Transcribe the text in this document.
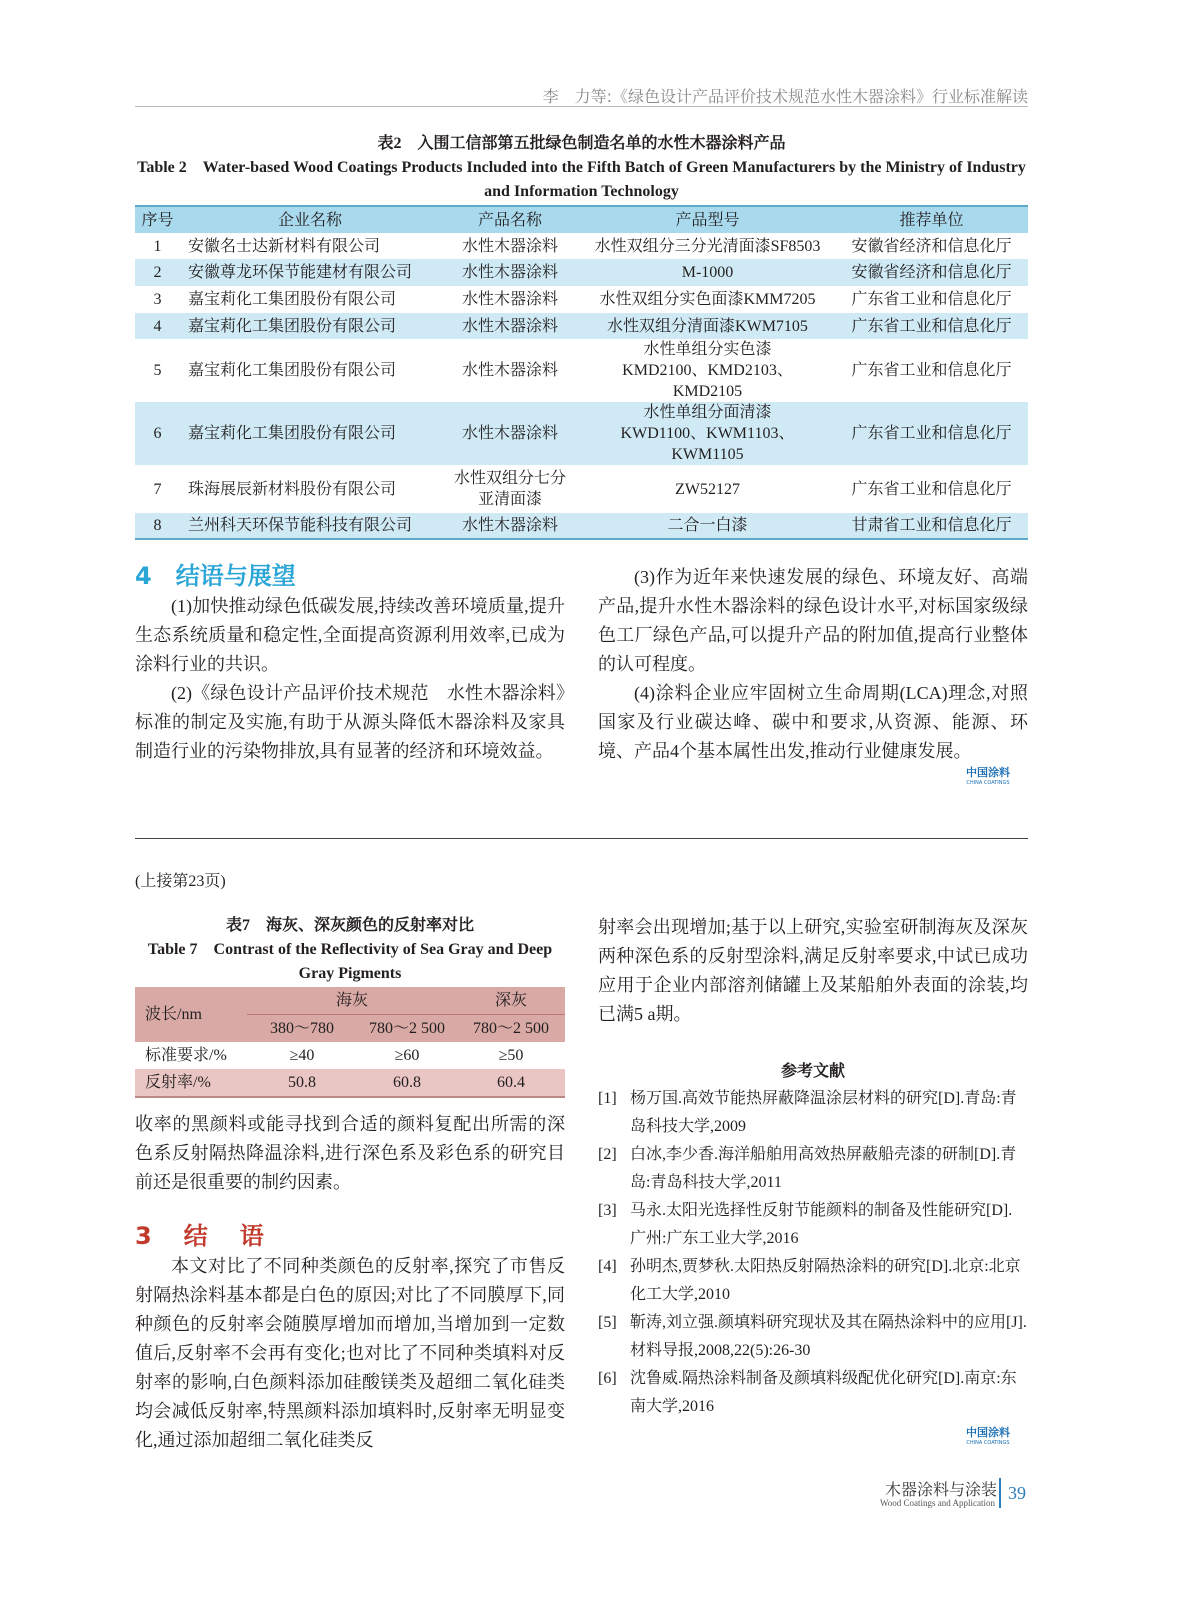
李　力等:《绿色设计产品评价技术规范水性木器涂料》行业标准解读
表2　入围工信部第五批绿色制造名单的水性木器涂料产品
Table 2　Water-based Wood Coatings Products Included into the Fifth Batch of Green Manufacturers by the Ministry of Industry and Information Technology
序号	企业名称	产品名称	产品型号	推荐单位
1	安徽名士达新材料有限公司	水性木器涂料	水性双组分三分光清面漆SF8503	安徽省经济和信息化厅
2	安徽尊龙环保节能建材有限公司	水性木器涂料	M-1000	安徽省经济和信息化厅
3	嘉宝莉化工集团股份有限公司	水性木器涂料	水性双组分实色面漆KMM7205	广东省工业和信息化厅
4	嘉宝莉化工集团股份有限公司	水性木器涂料	水性双组分清面漆KWM7105	广东省工业和信息化厅
5	嘉宝莉化工集团股份有限公司	水性木器涂料	水性单组分实色漆 KMD2100、KMD2103、KMD2105	广东省工业和信息化厅
6	嘉宝莉化工集团股份有限公司	水性木器涂料	水性单组分面清漆 KWD1100、KWM1103、KWM1105	广东省工业和信息化厅
7	珠海展辰新材料股份有限公司	水性双组分七分亚清面漆	ZW52127	广东省工业和信息化厅
8	兰州科天环保节能科技有限公司	水性木器涂料	二合一白漆	甘肃省工业和信息化厅
4　结语与展望

(1)加快推动绿色低碳发展,持续改善环境质量,提升生态系统质量和稳定性,全面提高资源利用效率,已成为涂料行业的共识。

(2)《绿色设计产品评价技术规范　水性木器涂料》标准的制定及实施,有助于从源头降低木器涂料及家具制造行业的污染物排放,具有显著的经济和环境效益。

(3)作为近年来快速发展的绿色、环境友好、高端产品,提升水性木器涂料的绿色设计水平,对标国家级绿色工厂绿色产品,可以提升产品的附加值,提高行业整体的认可程度。

(4)涂料企业应牢固树立生命周期(LCA)理念,对照国家及行业碳达峰、碳中和要求,从资源、能源、环境、产品4个基本属性出发,推动行业健康发展。

中国涂料
CHINA COATINGS
(上接第23页)
表7　海灰、深灰颜色的反射率对比
Table 7　Contrast of the Reflectivity of Sea Gray and Deep Gray Pigments
波长/nm	海灰		深灰
	380～780	780～2 500	780～2 500
标准要求/%	≥40	≥60	≥50
反射率/%	50.8	60.8	60.4
收率的黑颜料或能寻找到合适的颜料复配出所需的深色系反射隔热降温涂料,进行深色系及彩色系的研究目前还是很重要的制约因素。
3　结　语

本文对比了不同种类颜色的反射率,探究了市售反射隔热涂料基本都是白色的原因;对比了不同膜厚下,同种颜色的反射率会随膜厚增加而增加,当增加到一定数值后,反射率不会再有变化;也对比了不同种类填料对反射率的影响,白色颜料添加硅酸镁类及超细二氧化硅类均会减低反射率,特黑颜料添加填料时,反射率无明显变化,通过添加超细二氧化硅类反

射率会出现增加;基于以上研究,实验室研制海灰及深灰两种深色系的反射型涂料,满足反射率要求,中试已成功应用于企业内部溶剂储罐上及某船舶外表面的涂装,均已满5 a期。
参考文献
[1] 杨万国.高效节能热屏蔽降温涂层材料的研究[D].青岛:青岛科技大学,2009
[2] 白冰,李少香.海洋船舶用高效热屏蔽船壳漆的研制[D].青岛:青岛科技大学,2011
[3] 马永.太阳光选择性反射节能颜料的制备及性能研究[D].广州:广东工业大学,2016
[4] 孙明杰,贾梦秋.太阳热反射隔热涂料的研究[D].北京:北京化工大学,2010
[5] 靳涛,刘立强.颜填料研究现状及其在隔热涂料中的应用[J].材料导报,2008,22(5):26-30
[6] 沈鲁威.隔热涂料制备及颜填料级配优化研究[D].南京:东南大学,2016
中国涂料
CHINA COATINGS
木器涂料与涂装
Wood Coatings and Application 39
